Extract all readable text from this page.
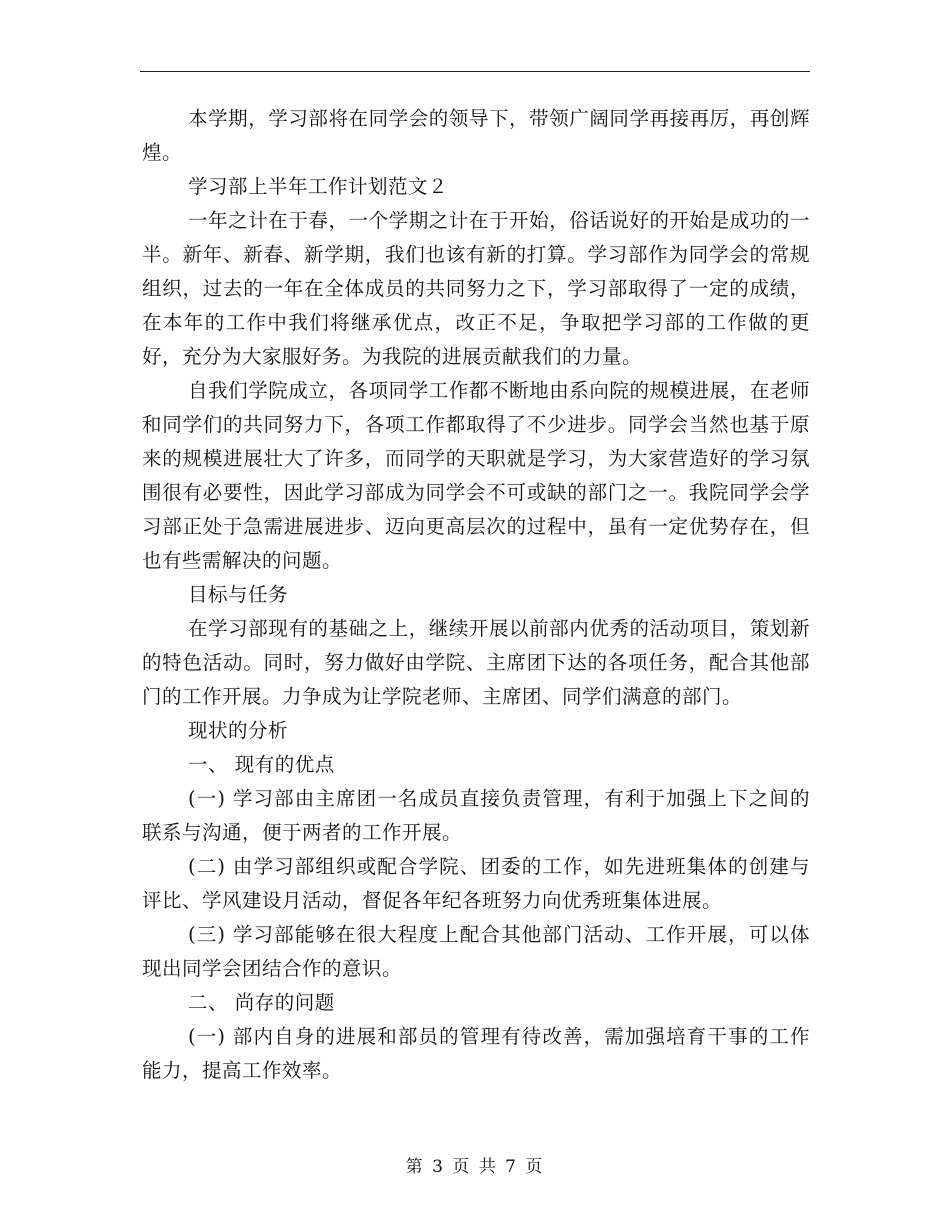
本学期，学习部将在同学会的领导下，带领广阔同学再接再厉，再创辉煌。

学习部上半年工作计划范文２

一年之计在于春，一个学期之计在于开始，俗话说好的开始是成功的一半。新年、新春、新学期，我们也该有新的打算。学习部作为同学会的常规组织，过去的一年在全体成员的共同努力之下，学习部取得了一定的成绩，在本年的工作中我们将继承优点，改正不足，争取把学习部的工作做的更好，充分为大家服好务。为我院的进展贡献我们的力量。

自我们学院成立，各项同学工作都不断地由系向院的规模进展，在老师和同学们的共同努力下，各项工作都取得了不少进步。同学会当然也基于原来的规模进展壮大了许多，而同学的天职就是学习，为大家营造好的学习氛围很有必要性，因此学习部成为同学会不可或缺的部门之一。我院同学会学习部正处于急需进展进步、迈向更高层次的过程中，虽有一定优势存在，但也有些需解决的问题。

目标与任务

在学习部现有的基础之上，继续开展以前部内优秀的活动项目，策划新的特色活动。同时，努力做好由学院、主席团下达的各项任务，配合其他部门的工作开展。力争成为让学院老师、主席团、同学们满意的部门。

现状的分析

一、 现有的优点

(一) 学习部由主席团一名成员直接负责管理，有利于加强上下之间的联系与沟通，便于两者的工作开展。

(二) 由学习部组织或配合学院、团委的工作，如先进班集体的创建与评比、学风建设月活动，督促各年纪各班努力向优秀班集体进展。

(三) 学习部能够在很大程度上配合其他部门活动、工作开展，可以体现出同学会团结合作的意识。

二、 尚存的问题

(一) 部内自身的进展和部员的管理有待改善，需加强培育干事的工作能力，提高工作效率。

第 3 页 共 7 页
